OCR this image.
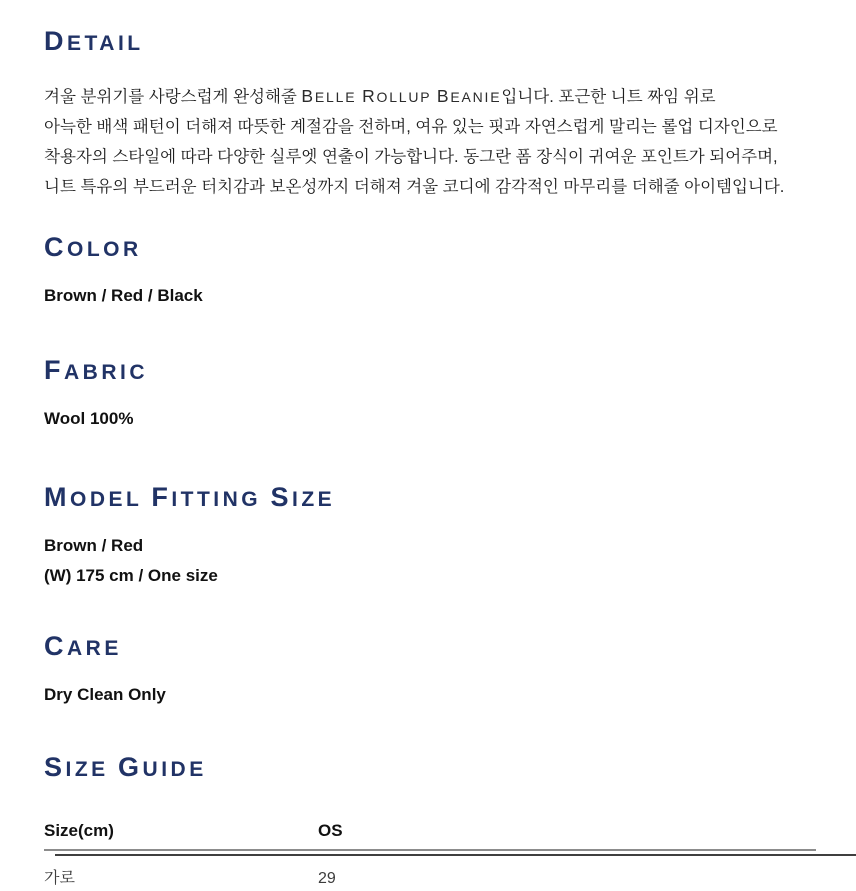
DETAIL

겨울 분위기를 사랑스럽게 완성해줄 BELLE ROLLUP BEANIE입니다. 포근한 니트 짜임 위로
아늑한 배색 패턴이 더해져 따뜻한 계절감을 전하며, 여유 있는 핏과 자연스럽게 말리는 롤업 디자인으로
착용자의 스타일에 따라 다양한 실루엣 연출이 가능합니다. 동그란 폼 장식이 귀여운 포인트가 되어주며,
니트 특유의 부드러운 터치감과 보온성까지 더해져 겨울 코디에 감각적인 마무리를 더해줄 아이템입니다.

COLOR

Brown / Red / Black

FABRIC

Wool 100%

MODEL FITTING SIZE

Brown / Red
(W) 175 cm / One size

CARE

Dry Clean Only

SIZE GUIDE
Size(cm)	OS
가로	29
